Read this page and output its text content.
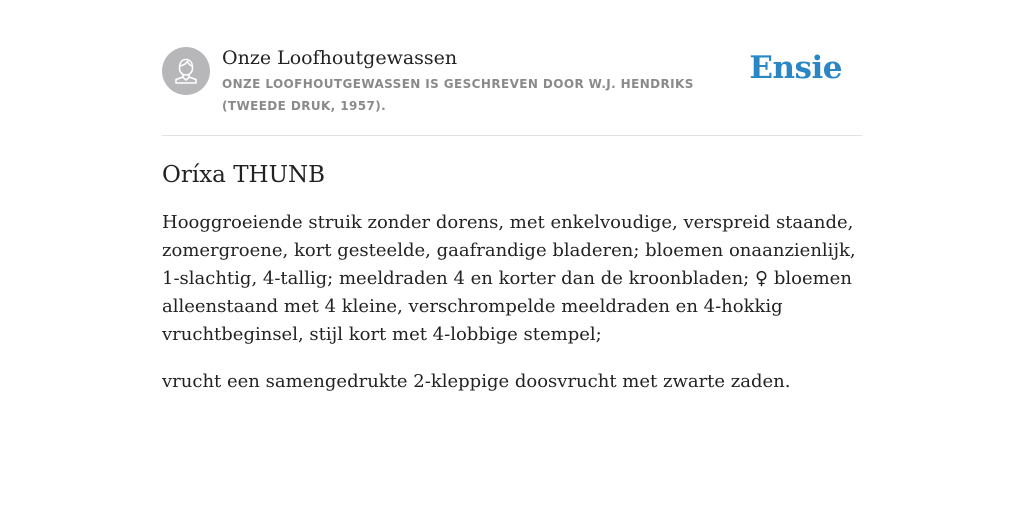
Onze Loofhoutgewassen
ONZE LOOFHOUTGEWASSEN IS GESCHREVEN DOOR W.J. HENDRIKS (TWEEDE DRUK, 1957).
Ensie
Oríxa THUNB

Hooggroeiende struik zonder dorens, met enkelvoudige, verspreid staande, zomergroene, kort gesteelde, gaafrandige bladeren; bloemen onaanzienlijk, 1-slachtig, 4-tallig; meeldraden 4 en korter dan de kroonbladen; ♀ bloemen alleenstaand met 4 kleine, verschrompelde meeldraden en 4-hokkig vruchtbeginsel, stijl kort met 4-lobbige stempel;

vrucht een samengedrukte 2-kleppige doosvrucht met zwarte zaden.
